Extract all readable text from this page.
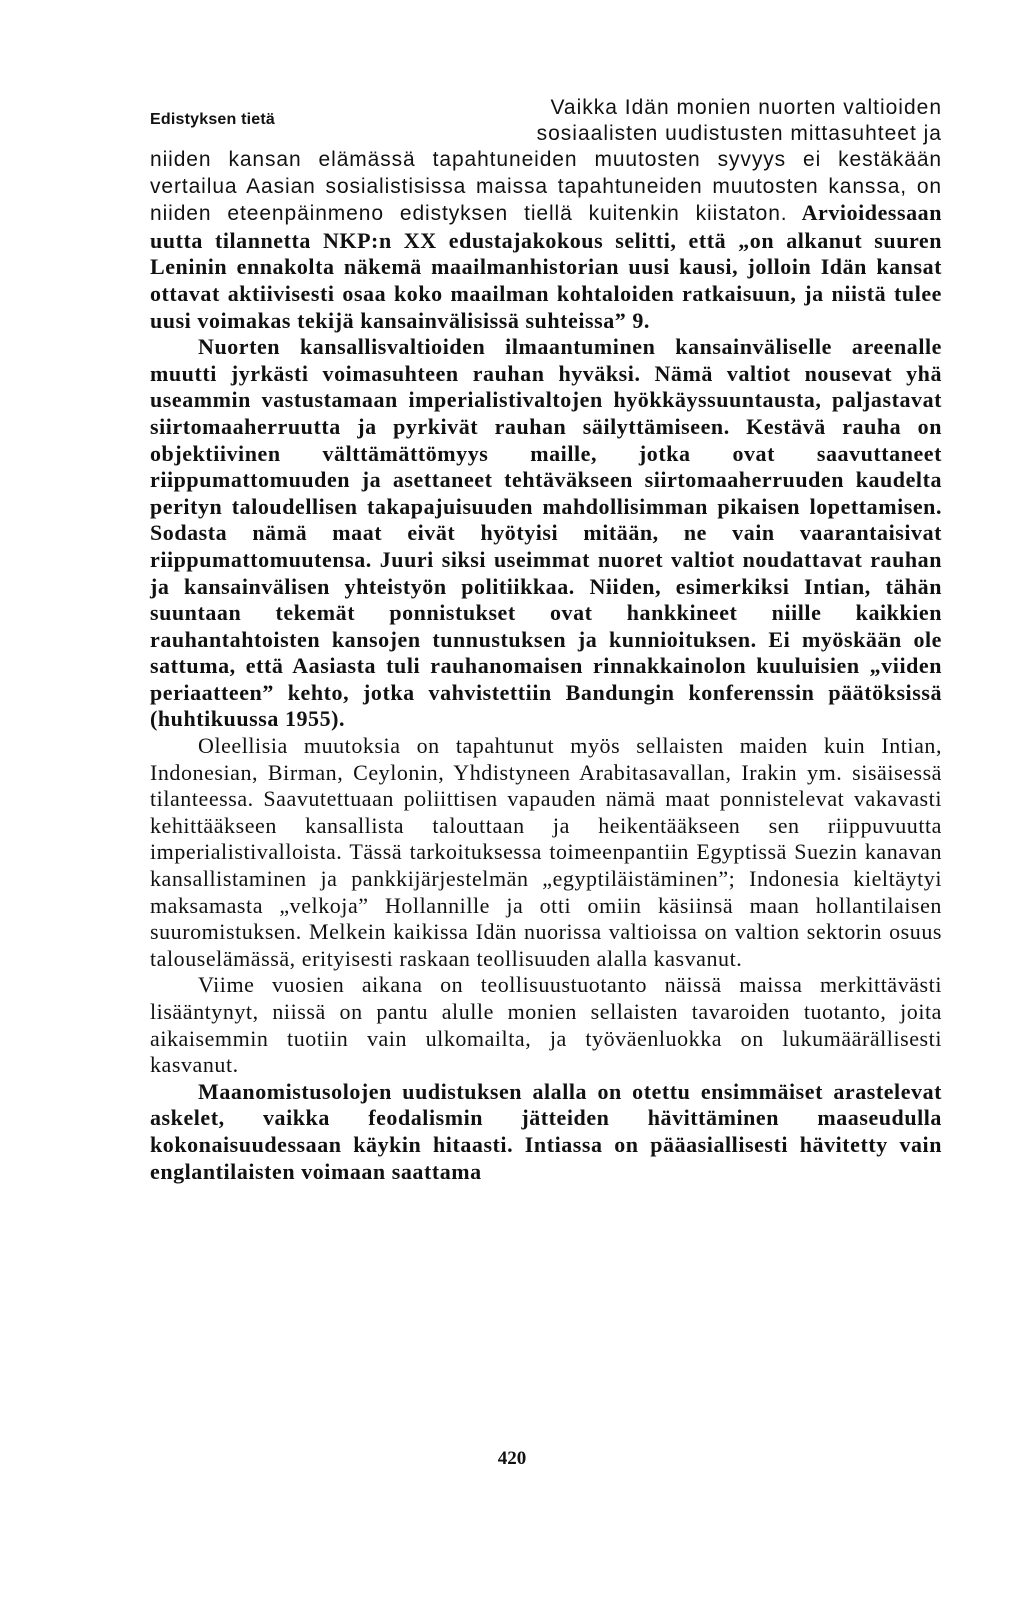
Edistyksen tietä
Vaikka Idän monien nuorten valtioiden
sosiaalisten uudistusten mittasuhteet ja

niiden kansan elämässä tapahtuneiden muutosten syvyys ei kestäkään vertailua Aasian sosialistisissa maissa tapahtuneiden muutosten kanssa, on niiden eteenpäinmeno edistyksen tiellä kuitenkin kiistaton. Arvioidessaan uutta tilannetta NKP:n XX edustajakokous selitti, että „on alkanut suuren Leninin ennakolta näkemä maailmanhistorian uusi kausi, jolloin Idän kansat ottavat aktiivisesti osaa koko maailman kohtaloiden ratkaisuun, ja niistä tulee uusi voimakas tekijä kansainvälisissä suhteissa” 9.

Nuorten kansallisvaltioiden ilmaantuminen kansainväliselle areenalle muutti jyrkästi voimasuhteen rauhan hyväksi. Nämä valtiot nousevat yhä useammin vastustamaan imperialistivaltojen hyökkäyssuuntausta, paljastavat siirtomaaherruutta ja pyrkivät rauhan säilyttämiseen. Kestävä rauha on objektiivinen välttämättömyys maille, jotka ovat saavuttaneet riippumattomuuden ja asettaneet tehtäväkseen siirtomaaherruuden kaudelta perityn taloudellisen takapajuisuuden mahdollisimman pikaisen lopettamisen. Sodasta nämä maat eivät hyötyisi mitään, ne vain vaarantaisivat riippumattomuutensa. Juuri siksi useimmat nuoret valtiot noudattavat rauhan ja kansainvälisen yhteistyön politiikkaa. Niiden, esimerkiksi Intian, tähän suuntaan tekemät ponnistukset ovat hankkineet niille kaikkien rauhantahtoisten kansojen tunnustuksen ja kunnioituksen. Ei myöskään ole sattuma, että Aasiasta tuli rauhanomaisen rinnakkainolon kuuluisien „viiden periaatteen” kehto, jotka vahvistettiin Bandungin konferenssin päätöksissä (huhtikuussa 1955).

Oleellisia muutoksia on tapahtunut myös sellaisten maiden kuin Intian, Indonesian, Birman, Ceylonin, Yhdistyneen Arabitasavallan, Irakin ym. sisäisessä tilanteessa. Saavutettuaan poliittisen vapauden nämä maat ponnistelevat vakavasti kehittääkseen kansallista talouttaan ja heikentääkseen sen riippuvuutta imperialistivalloista. Tässä tarkoituksessa toimeenpantiin Egyptissä Suezin kanavan kansallistaminen ja pankkijärjestelmän „egyptiläistäminen”; Indonesia kieltäytyi maksamasta „velkoja” Hollannille ja otti omiin käsiinsä maan hollantilaisen suuromistuksen. Melkein kaikissa Idän nuorissa valtioissa on valtion sektorin osuus talouselämässä, erityisesti raskaan teollisuuden alalla kasvanut.

Viime vuosien aikana on teollisuustuotanto näissä maissa merkittävästi lisääntynyt, niissä on pantu alulle monien sellaisten tavaroiden tuotanto, joita aikaisemmin tuotiin vain ulkomailta, ja työväenluokka on lukumäärällisesti kasvanut.

Maanomistusolojen uudistuksen alalla on otettu ensimmäiset arastelevat askelet, vaikka feodalismin jätteiden hävittäminen maaseudulla kokonaisuudessaan käykin hitaasti. Intiassa on pääasiallisesti hävitetty vain englantilaisten voimaan saattama

420
